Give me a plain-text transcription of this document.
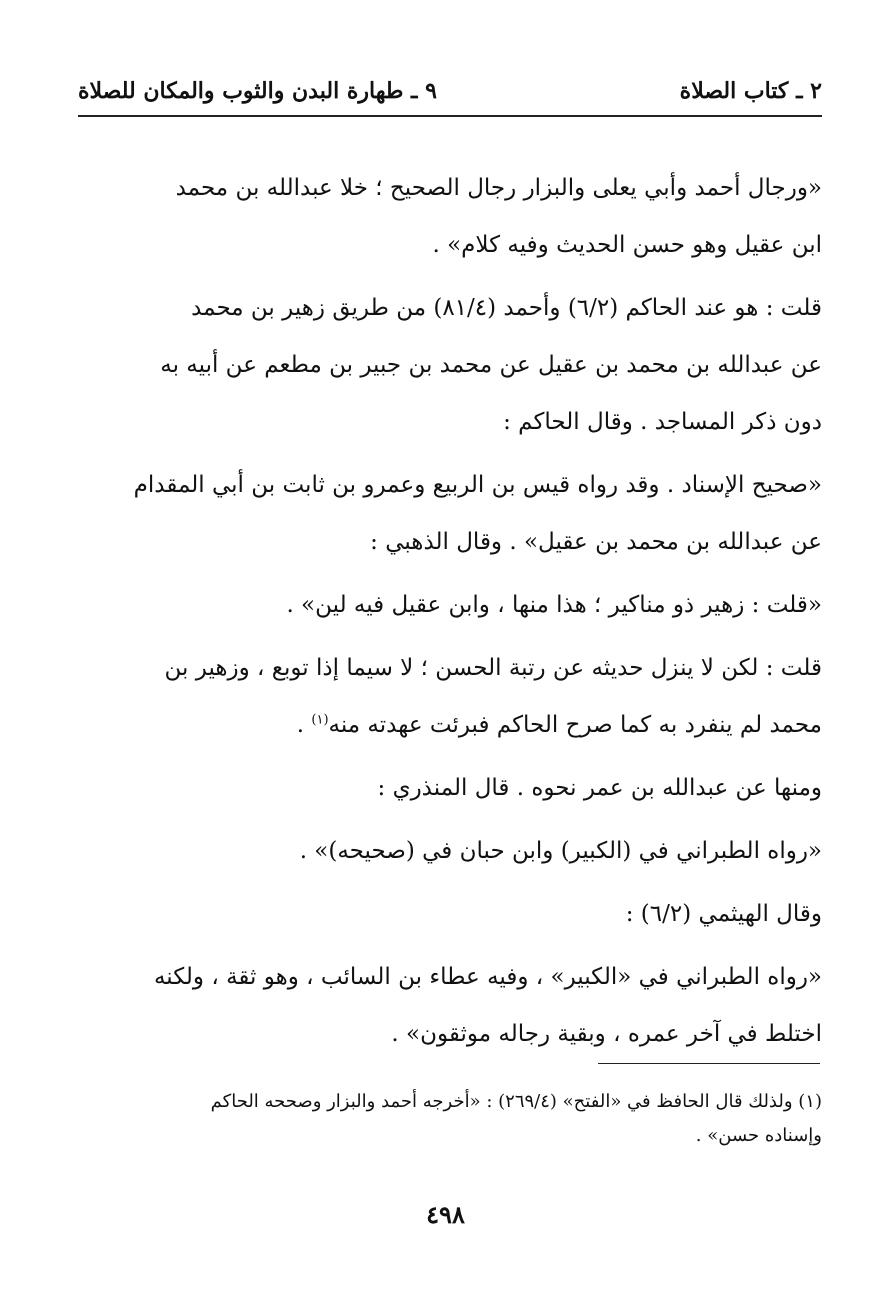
٢ ـ كتاب الصلاة
٩ ـ طهارة البدن والثوب والمكان للصلاة
«ورجال أحمد وأبي يعلى والبزار رجال الصحيح ؛ خلا عبدالله بن محمد
ابن عقيل وهو حسن الحديث وفيه كلام» .
قلت : هو عند الحاكم (٦/٢) وأحمد (٨١/٤) من طريق زهير بن محمد
عن عبدالله بن محمد بن عقيل عن محمد بن جبير بن مطعم عن أبيه به
دون ذكر المساجد . وقال الحاكم :
«صحيح الإسناد . وقد رواه قيس بن الربيع وعمرو بن ثابت بن أبي المقدام
عن عبدالله بن محمد بن عقيل» . وقال الذهبي :
«قلت : زهير ذو مناكير ؛ هذا منها ، وابن عقيل فيه لين» .
قلت : لكن لا ينزل حديثه عن رتبة الحسن ؛ لا سيما إذا توبع ، وزهير بن
محمد لم ينفرد به كما صرح الحاكم فبرئت عهدته منه$^{(١)}$ .
ومنها عن عبدالله بن عمر نحوه . قال المنذري :
«رواه الطبراني في (الكبير) وابن حبان في (صحيحه)» .
وقال الهيثمي (٦/٢) :
«رواه الطبراني في «الكبير» ، وفيه عطاء بن السائب ، وهو ثقة ، ولكنه
اختلط في آخر عمره ، وبقية رجاله موثقون» .
(١) ولذلك قال الحافظ في «الفتح» (٢٦٩/٤) : «أخرجه أحمد والبزار وصححه الحاكم
وإسناده حسن» .
٤٩٨
